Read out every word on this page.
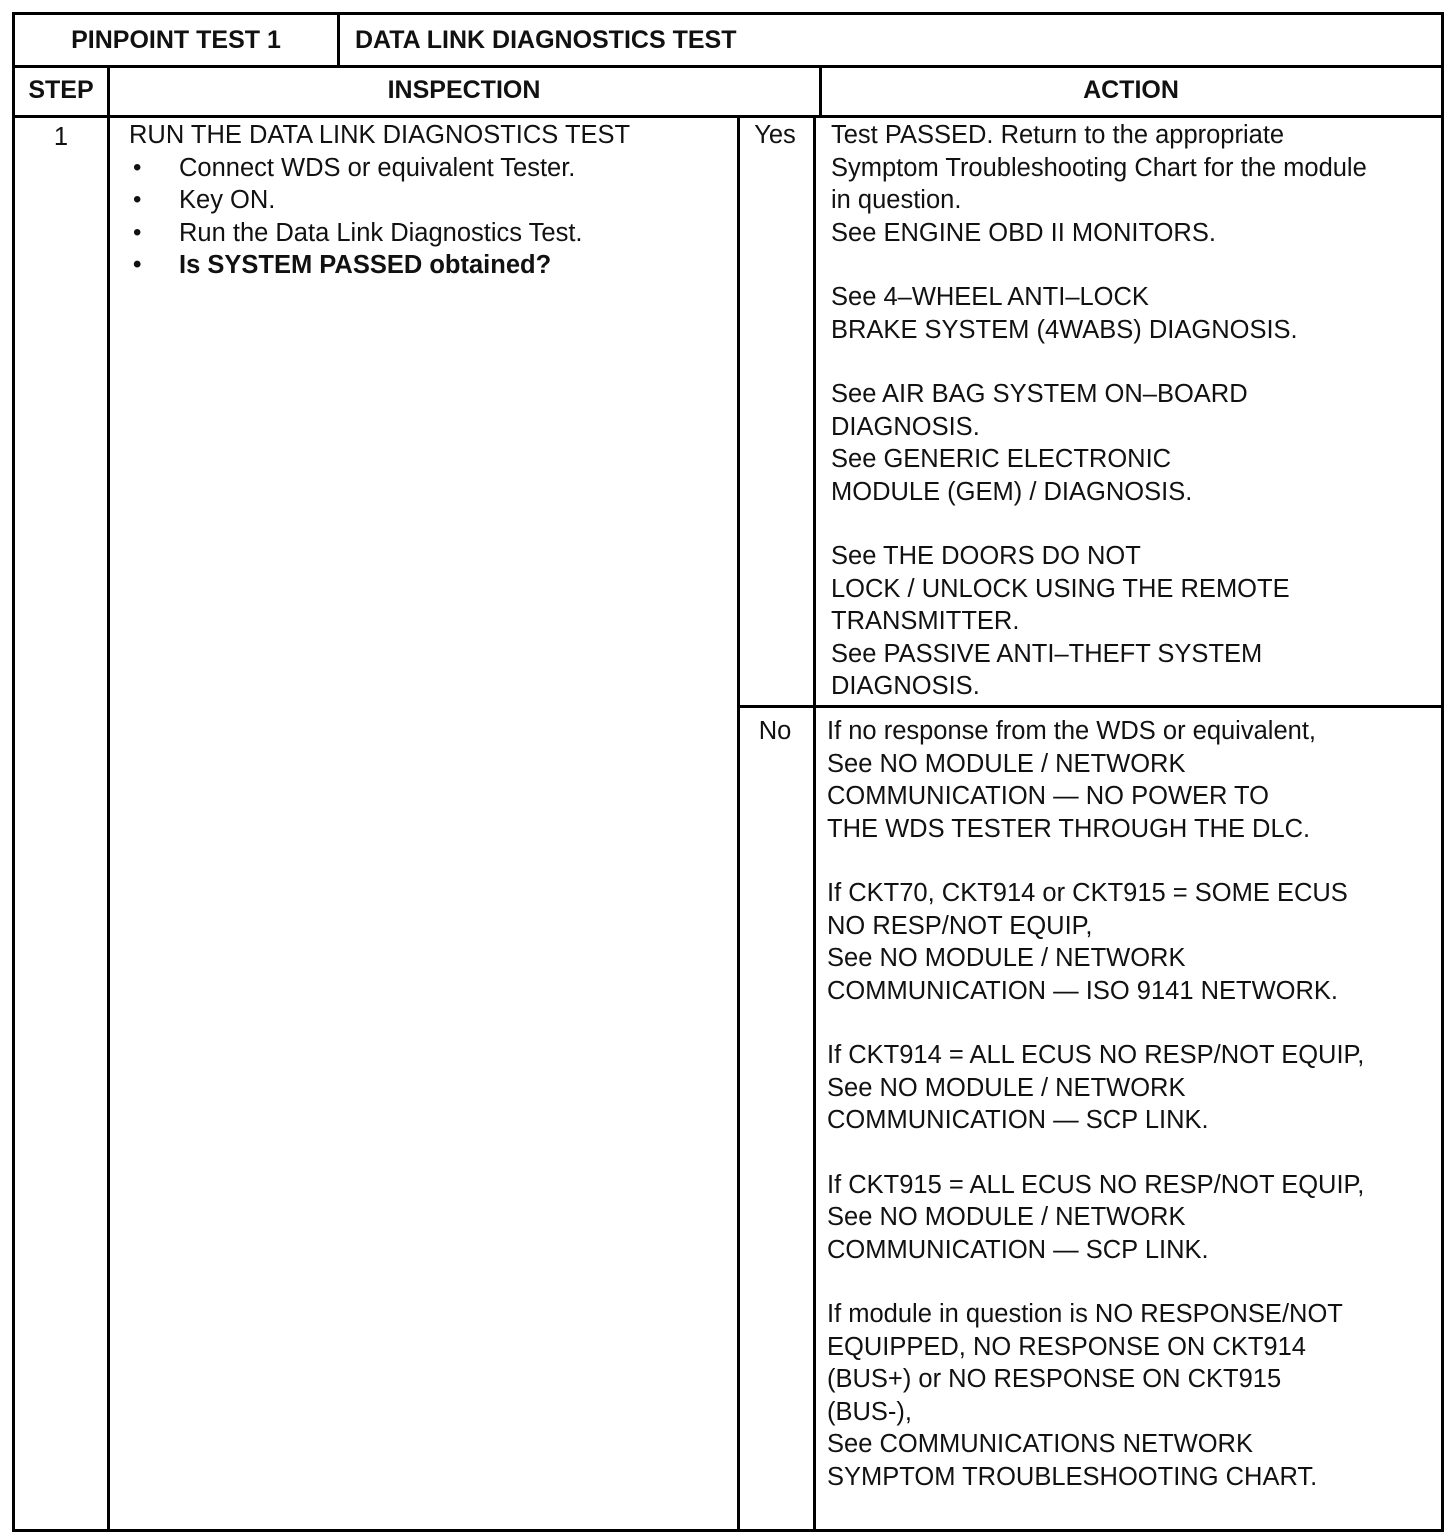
PINPOINT TEST 1	DATA LINK DIAGNOSTICS TEST
STEP	INSPECTION	ACTION
1	RUN THE DATA LINK DIAGNOSTICS TEST

• Connect WDS or equivalent Tester.

• Key ON.

• Run the Data Link Diagnostics Test.

• Is SYSTEM PASSED obtained?

Yes	Test PASSED. Return to the appropriate

Symptom Troubleshooting Chart for the module

in question.

See ENGINE OBD II MONITORS.

See 4–WHEEL ANTI–LOCK

BRAKE SYSTEM (4WABS) DIAGNOSIS.

See AIR BAG SYSTEM ON–BOARD

DIAGNOSIS.

See GENERIC ELECTRONIC

MODULE (GEM) / DIAGNOSIS.

See THE DOORS DO NOT

LOCK / UNLOCK USING THE REMOTE

TRANSMITTER.

See PASSIVE ANTI–THEFT SYSTEM

DIAGNOSIS.

No	If no response from the WDS or equivalent,

See NO MODULE / NETWORK

COMMUNICATION — NO POWER TO

THE WDS TESTER THROUGH THE DLC.

If CKT70, CKT914 or CKT915 = SOME ECUS

NO RESP/NOT EQUIP,

See NO MODULE / NETWORK

COMMUNICATION — ISO 9141 NETWORK.

If CKT914 = ALL ECUS NO RESP/NOT EQUIP,

See NO MODULE / NETWORK

COMMUNICATION — SCP LINK.

If CKT915 = ALL ECUS NO RESP/NOT EQUIP,

See NO MODULE / NETWORK

COMMUNICATION — SCP LINK.

If module in question is NO RESPONSE/NOT

EQUIPPED, NO RESPONSE ON CKT914

(BUS+) or NO RESPONSE ON CKT915

(BUS-),

See COMMUNICATIONS NETWORK

SYMPTOM TROUBLESHOOTING CHART.
